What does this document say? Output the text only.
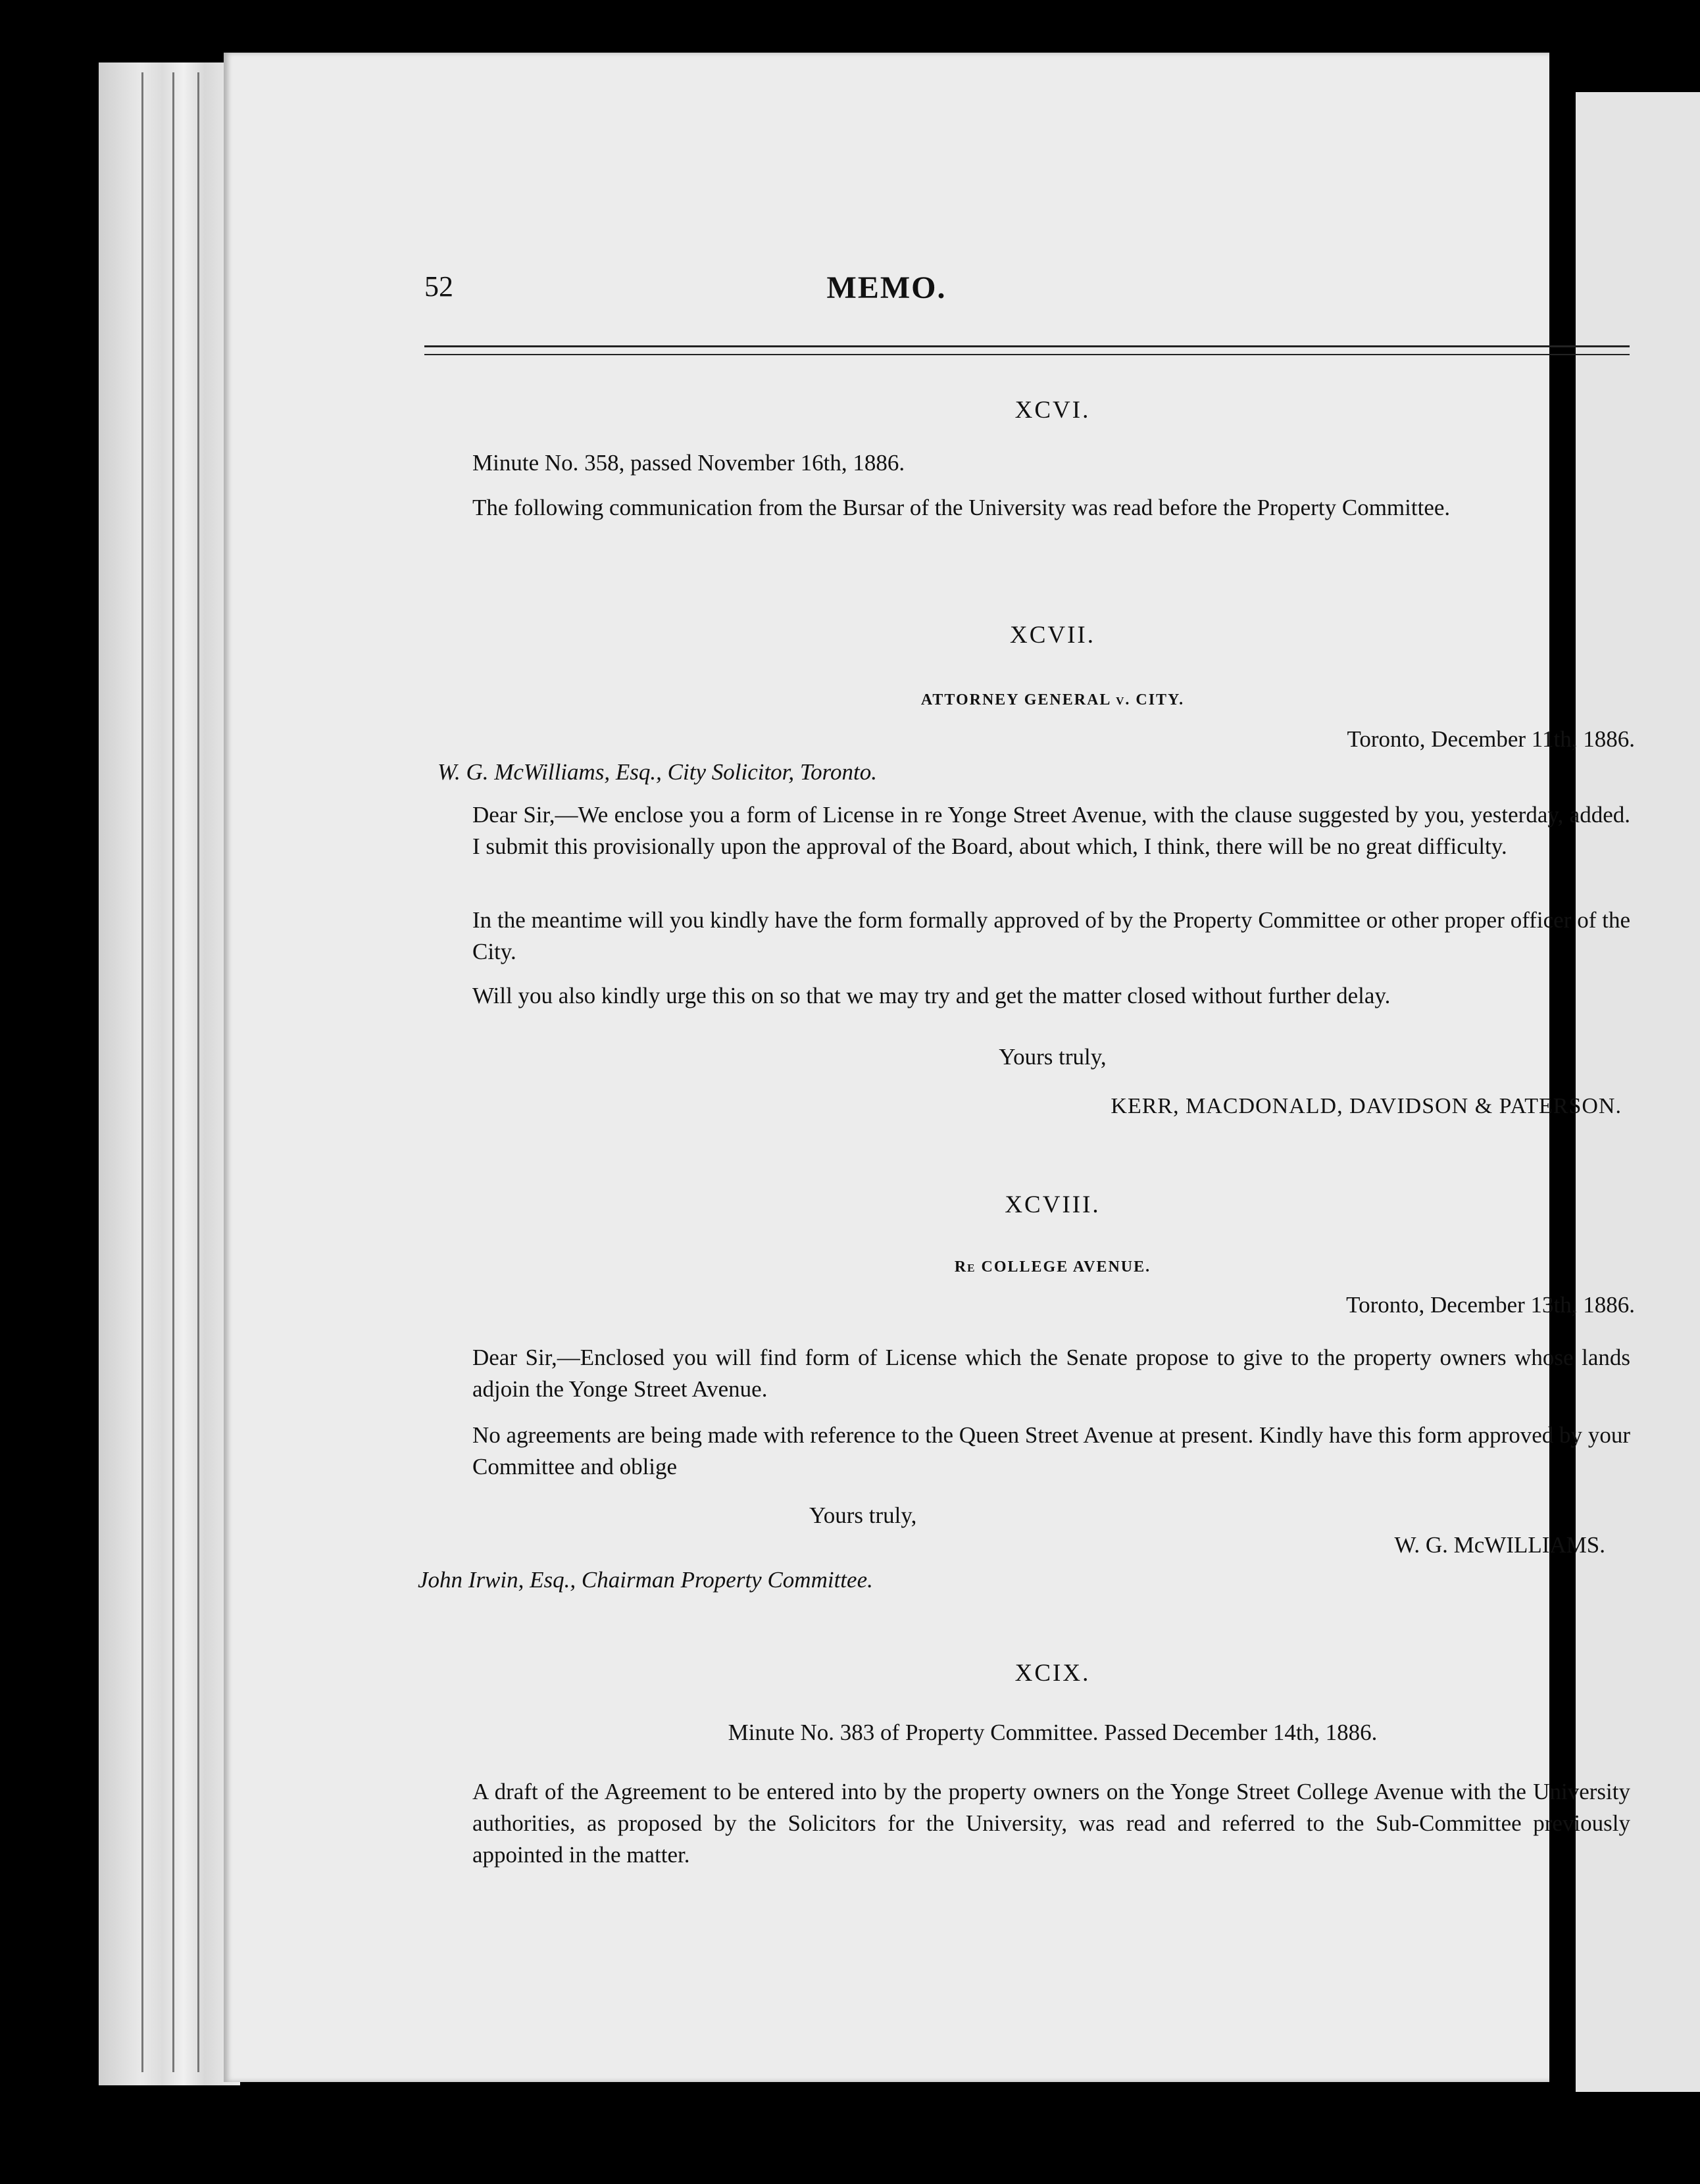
52	MEMO.
XCVI.
Minute No. 358, passed November 16th, 1886.

The following communication from the Bursar of the University was read before the Property Committee.

XCVII.
ATTORNEY GENERAL v. CITY.
Toronto, December 11th, 1886.
W. G. McWilliams, Esq., City Solicitor, Toronto.

Dear Sir,—We enclose you a form of License in re Yonge Street Avenue, with the clause suggested by you, yesterday, added. I submit this provisionally upon the approval of the Board, about which, I think, there will be no great difficulty.

In the meantime will you kindly have the form formally approved of by the Property Committee or other proper officer of the City.

Will you also kindly urge this on so that we may try and get the matter closed without further delay.

Yours truly,
KERR, MACDONALD, DAVIDSON & PATERSON.
XCVIII.
Re COLLEGE AVENUE.
Toronto, December 13th, 1886.

Dear Sir,—Enclosed you will find form of License which the Senate propose to give to the property owners whose lands adjoin the Yonge Street Avenue.

No agreements are being made with reference to the Queen Street Avenue at present. Kindly have this form approved by your Committee and oblige

Yours truly,
W. G. McWILLIAMS.
John Irwin, Esq., Chairman Property Committee.
XCIX.
Minute No. 383 of Property Committee. Passed December 14th, 1886.

A draft of the Agreement to be entered into by the property owners on the Yonge Street College Avenue with the University authorities, as proposed by the Solicitors for the University, was read and referred to the Sub-Committee previously appointed in the matter.
